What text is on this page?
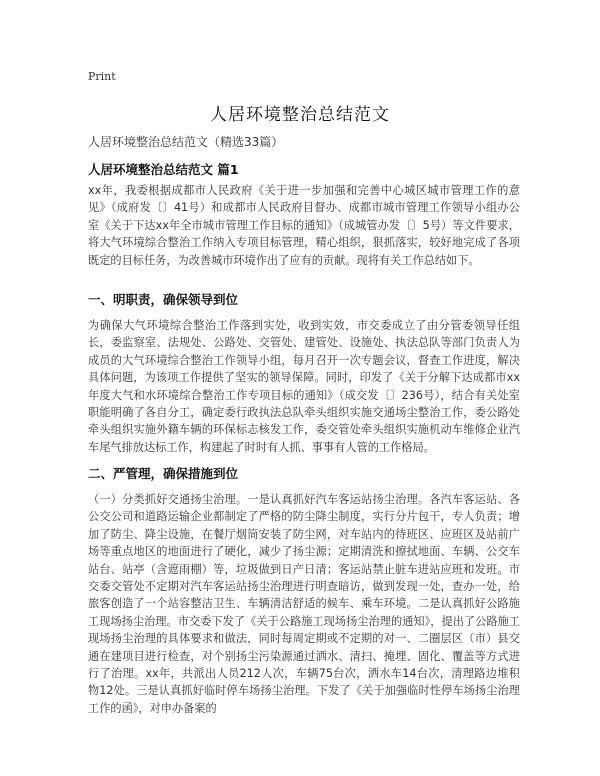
Print
人居环境整治总结范文
人居环境整治总结范文（精选33篇）
人居环境整治总结范文 篇1

xx年，我委根据成都市人民政府《关于进一步加强和完善中心城区城市管理工作的意见》（成府发〔〕41号）和成都市人民政府目督办、成都市城市管理工作领导小组办公室《关于下达xx年全市城市管理工作目标的通知》（成城管办发〔〕5号）等文件要求，将大气环境综合整治工作纳入专项目标管理，精心组织，狠抓落实，较好地完成了各项既定的目标任务，为改善城市环境作出了应有的贡献。现将有关工作总结如下。

一、明职责，确保领导到位

为确保大气环境综合整治工作落到实处，收到实效，市交委成立了由分管委领导任组长，委监察室、法规处、公路处、交管处、建管处、设施处、执法总队等部门负责人为成员的大气环境综合整治工作领导小组，每月召开一次专题会议，督查工作进度，解决具体问题，为该项工作提供了坚实的领导保障。同时，印发了《关于分解下达成都市xx年度大气和水环境综合整治工作专项目标的通知》（成交发〔〕236号），结合有关处室职能明确了各自分工，确定委行政执法总队牵头组织实施交通场尘整治工作，委公路处牵头组织实施外籍车辆的环保标志核发工作，委交管处牵头组织实施机动车维修企业汽车尾气排放达标工作，构建起了时时有人抓、事事有人管的工作格局。

二、严管理，确保措施到位

（一）分类抓好交通扬尘治理。一是认真抓好汽车客运站扬尘治理。各汽车客运站、各公交公司和道路运输企业都制定了严格的防尘降尘制度，实行分片包干，专人负责；增加了防尘、降尘设施，在餐厅烟筒安装了防尘网，对车站内的待班区、应班区及站前广场等重点地区的地面进行了硬化，减少了扬尘源；定期清洗和擦拭地面、车辆、公交车站台、站亭（含遮雨棚）等，垃圾做到日产日清；客运站禁止脏车进站应班和发班。市交委交管处不定期对汽车客运站扬尘治理进行明查暗访，做到发现一处，查办一处，给旅客创造了一个站容整洁卫生、车辆清洁舒适的候车、乘车环境。二是认真抓好公路施工现场扬尘治理。市交委下发了《关于公路施工现场扬尘治理的通知》，提出了公路施工现场扬尘治理的具体要求和做法，同时每周定期或不定期的对一、二圈层区（市）县交通在建项目进行检查，对个别扬尘污染源通过洒水、清扫、掩埋、固化、覆盖等方式进行了治理。xx年，共派出人员212人次，车辆75台次，洒水车14台次，清理路边堆积物12处。三是认真抓好临时停车场扬尘治理。下发了《关于加强临时性停车场扬尘治理工作的函》，对申办备案的
